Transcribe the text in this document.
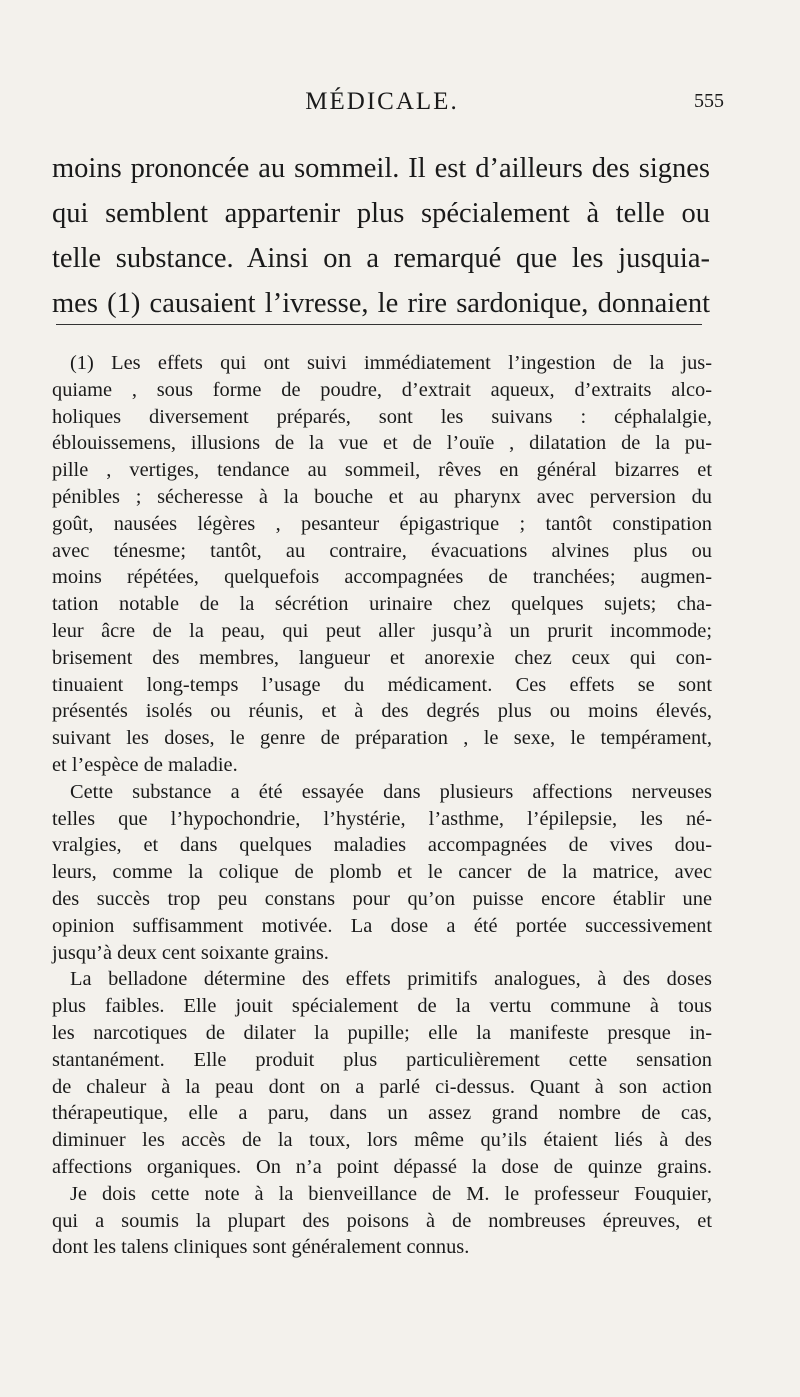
MÉDICALE.	555
moins prononcée au sommeil. Il est d’ailleurs des signes
qui semblent appartenir plus spécialement à telle ou
telle substance. Ainsi on a remarqué que les jusquia-
mes (1) causaient l’ivresse, le rire sardonique, donnaient
(1) Les effets qui ont suivi immédiatement l’ingestion de la jus-
quiame , sous forme de poudre, d’extrait aqueux, d’extraits alco-
holiques diversement préparés, sont les suivans : céphalalgie,
éblouissemens, illusions de la vue et de l’ouïe , dilatation de la pu-
pille , vertiges, tendance au sommeil, rêves en général bizarres et
pénibles ; sécheresse à la bouche et au pharynx avec perversion du
goût, nausées légères , pesanteur épigastrique ; tantôt constipation
avec ténesme; tantôt, au contraire, évacuations alvines plus ou
moins répétées, quelquefois accompagnées de tranchées; augmen-
tation notable de la sécrétion urinaire chez quelques sujets; cha-
leur âcre de la peau, qui peut aller jusqu’à un prurit incommode;
brisement des membres, langueur et anorexie chez ceux qui con-
tinuaient long-temps l’usage du médicament. Ces effets se sont
présentés isolés ou réunis, et à des degrés plus ou moins élevés,
suivant les doses, le genre de préparation , le sexe, le tempérament,
et l’espèce de maladie.
Cette substance a été essayée dans plusieurs affections nerveuses
telles que l’hypochondrie, l’hystérie, l’asthme, l’épilepsie, les né-
vralgies, et dans quelques maladies accompagnées de vives dou-
leurs, comme la colique de plomb et le cancer de la matrice, avec
des succès trop peu constans pour qu’on puisse encore établir une
opinion suffisamment motivée. La dose a été portée successivement
jusqu’à deux cent soixante grains.
La belladone détermine des effets primitifs analogues, à des doses
plus faibles. Elle jouit spécialement de la vertu commune à tous
les narcotiques de dilater la pupille; elle la manifeste presque in-
stantanément. Elle produit plus particulièrement cette sensation
de chaleur à la peau dont on a parlé ci-dessus. Quant à son action
thérapeutique, elle a paru, dans un assez grand nombre de cas,
diminuer les accès de la toux, lors même qu’ils étaient liés à des
affections organiques. On n’a point dépassé la dose de quinze grains.
Je dois cette note à la bienveillance de M. le professeur Fouquier,
qui a soumis la plupart des poisons à de nombreuses épreuves, et
dont les talens cliniques sont généralement connus.
